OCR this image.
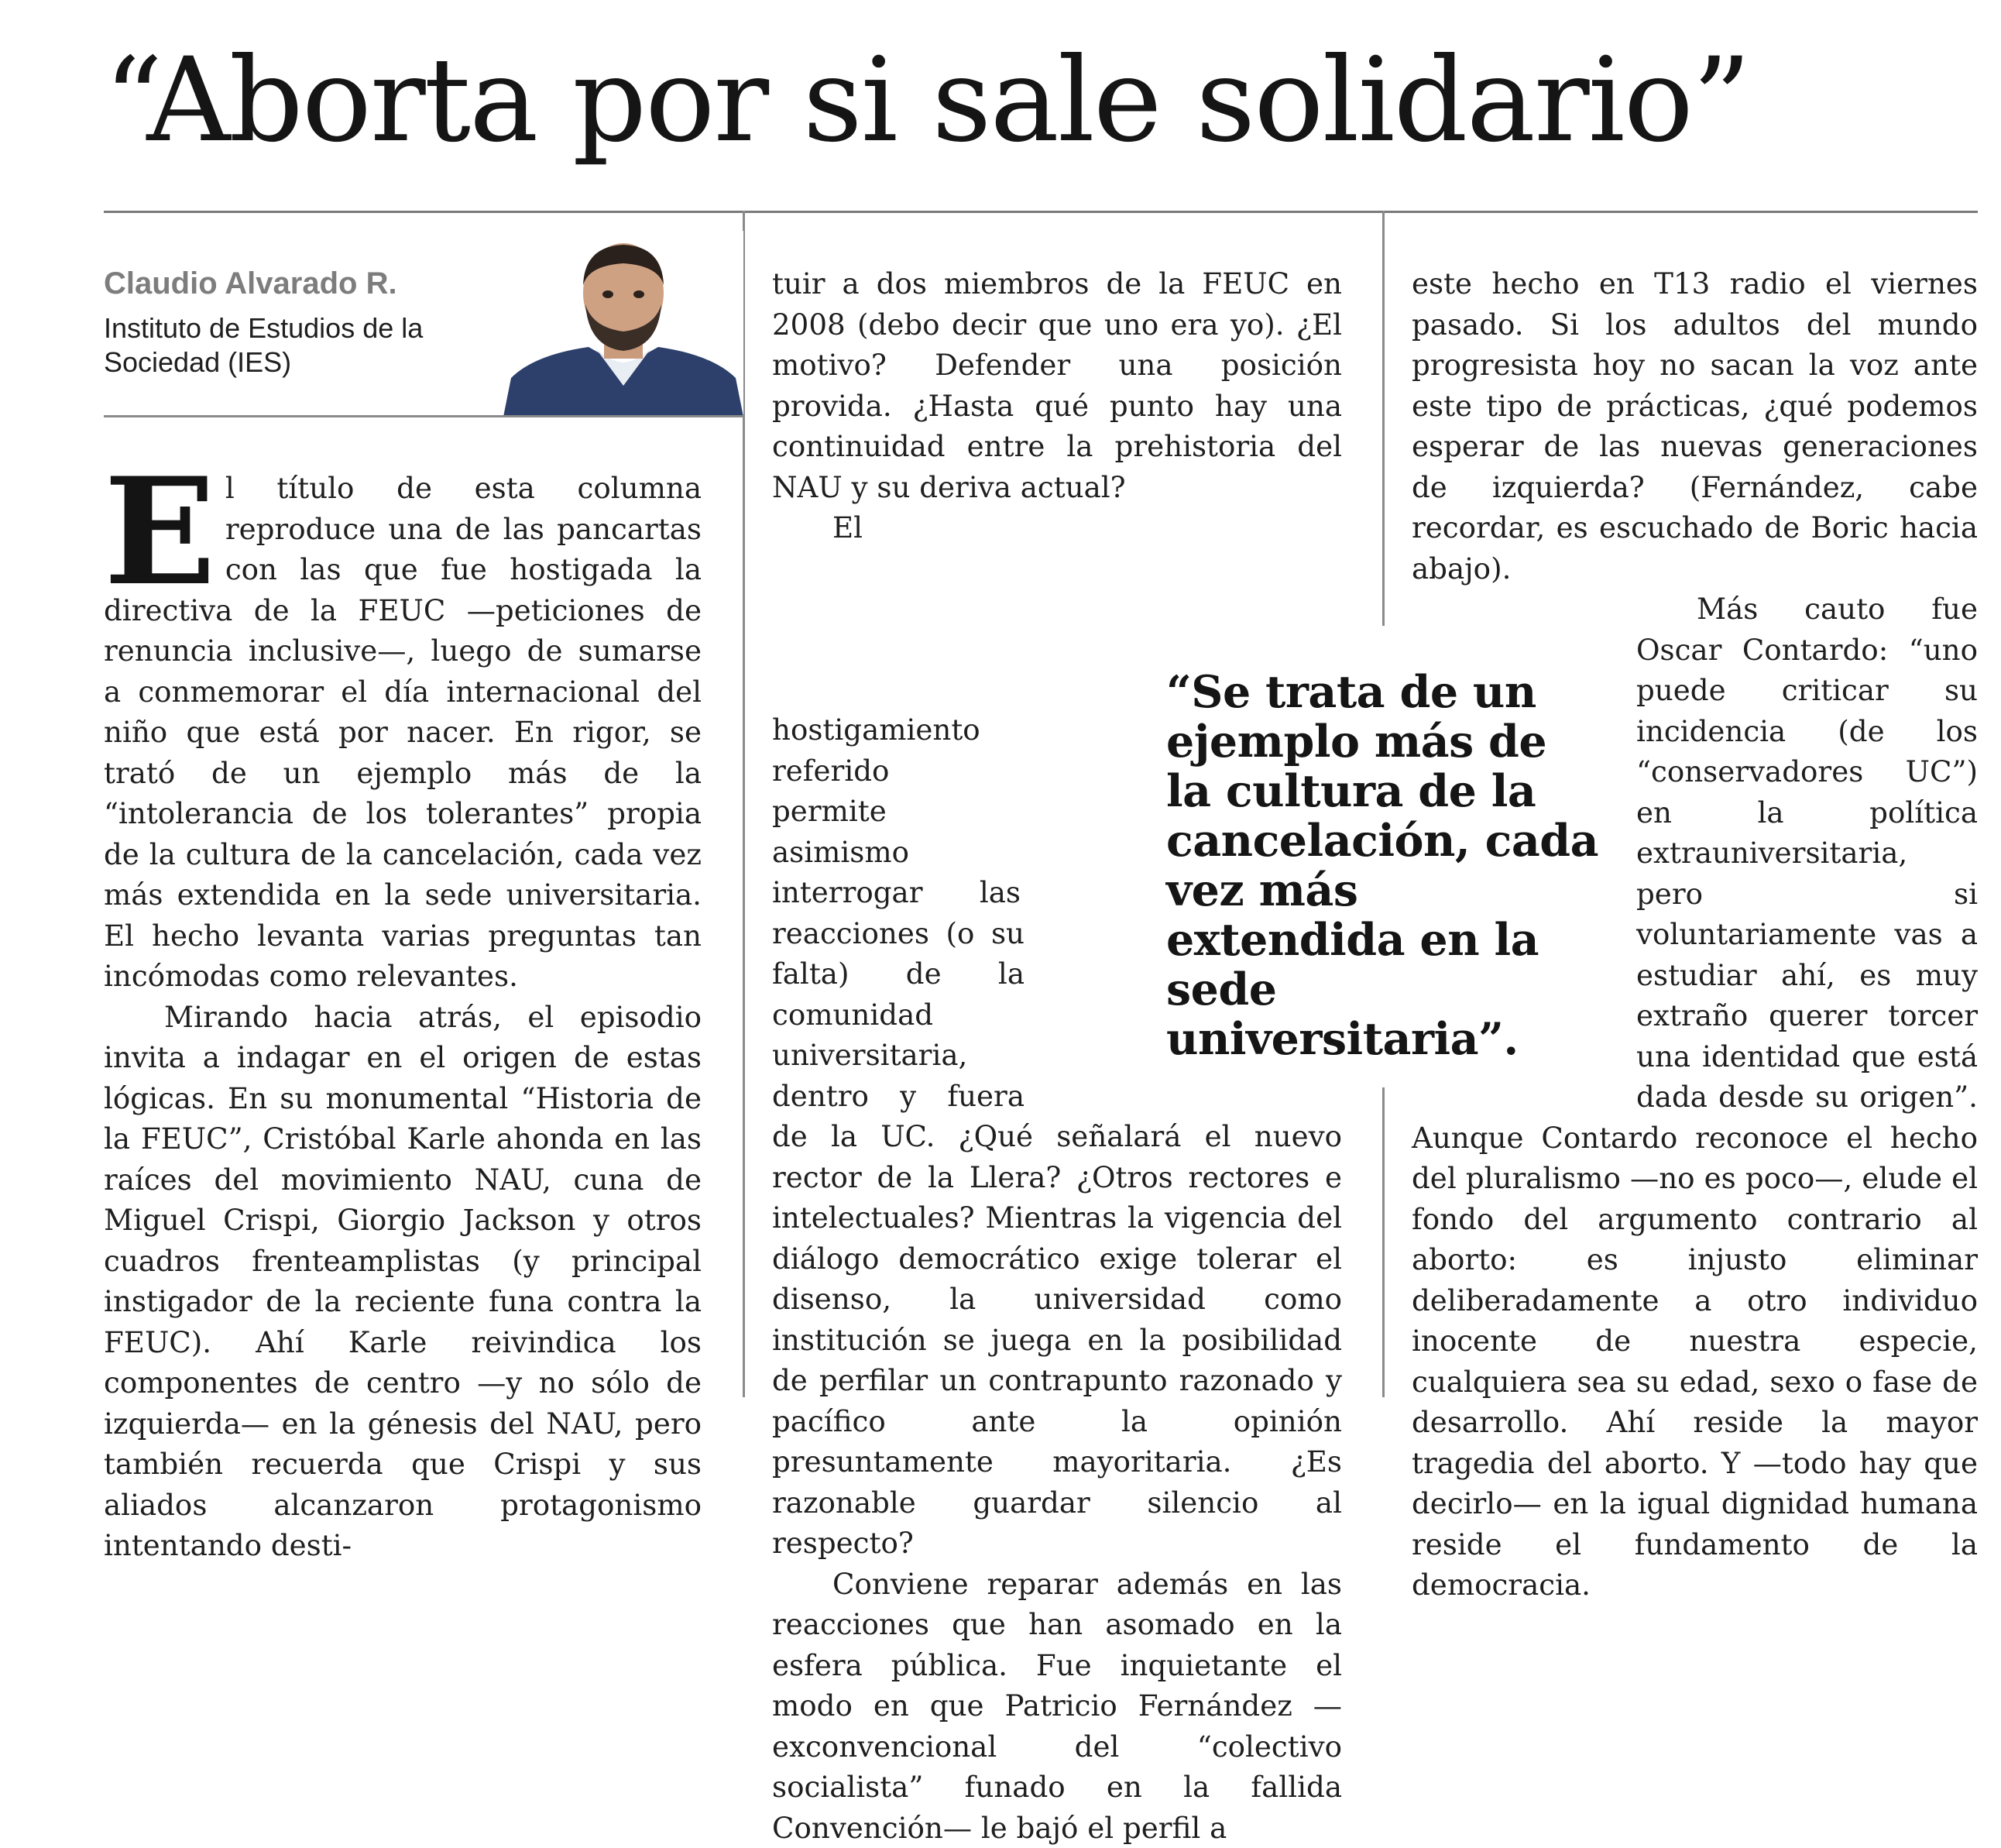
“Aborta por si sale solidario”
Claudio Alvarado R.

Instituto de Estudios de la Sociedad (IES)

El título de esta columna reproduce una de las pancartas con las que fue hostigada la directiva de la FEUC —peticiones de renuncia inclusive—, luego de sumarse a conmemorar el día internacional del niño que está por nacer. En rigor, se trató de un ejemplo más de la “intolerancia de los tolerantes” propia de la cultura de la cancelación, cada vez más extendida en la sede universitaria. El hecho levanta varias preguntas tan incómodas como relevantes.

Mirando hacia atrás, el episodio invita a indagar en el origen de estas lógicas. En su monumental “Historia de la FEUC”, Cristóbal Karle ahonda en las raíces del movimiento NAU, cuna de Miguel Crispi, Giorgio Jackson y otros cuadros frenteamplistas (y principal instigador de la reciente funa contra la FEUC). Ahí Karle reivindica los componentes de centro —y no sólo de izquierda— en la génesis del NAU, pero también recuerda que Crispi y sus aliados alcanzaron protagonismo intentando desti-

tuir a dos miembros de la FEUC en 2008 (debo decir que uno era yo). ¿El motivo? Defender una posición provida. ¿Hasta qué punto hay una continuidad entre la prehistoria del NAU y su deriva actual?

El hostigamiento referido permite asimismo interrogar las reacciones (o su falta) de la comunidad universitaria, dentro y fuera de la UC. ¿Qué señalará el nuevo rector de la Llera? ¿Otros rectores e intelectuales? Mientras la vigencia del diálogo democrático exige tolerar el disenso, la universidad como institución se juega en la posibilidad de perfilar un contrapunto razonado y pacífico ante la opinión presuntamente mayoritaria. ¿Es razonable guardar silencio al respecto?

Conviene reparar además en las reacciones que han asomado en la esfera pública. Fue inquietante el modo en que Patricio Fernández —exconvencional del “colectivo socialista” funado en la fallida Convención— le bajó el perfil a

este hecho en T13 radio el viernes pasado. Si los adultos del mundo progresista hoy no sacan la voz ante este tipo de prácticas, ¿qué podemos esperar de las nuevas generaciones de izquierda? (Fernández, cabe recordar, es escuchado de Boric hacia abajo).

Más cauto fue Oscar Contardo: “uno puede criticar su incidencia (de los “conservadores UC”) en la política extrauniversitaria, pero si voluntariamente vas a estudiar ahí, es muy extraño querer torcer una identidad que está dada desde su origen”. Aunque Contardo reconoce el hecho del pluralismo —no es poco—, elude el fondo del argumento contrario al aborto: es injusto eliminar deliberadamente a otro individuo inocente de nuestra especie, cualquiera sea su edad, sexo o fase de desarrollo. Ahí reside la mayor tragedia del aborto. Y —todo hay que decirlo— en la igual dignidad humana reside el fundamento de la democracia.

“Se trata de un ejemplo más de la cultura de la cancelación, cada vez más extendida en la sede universitaria”.
